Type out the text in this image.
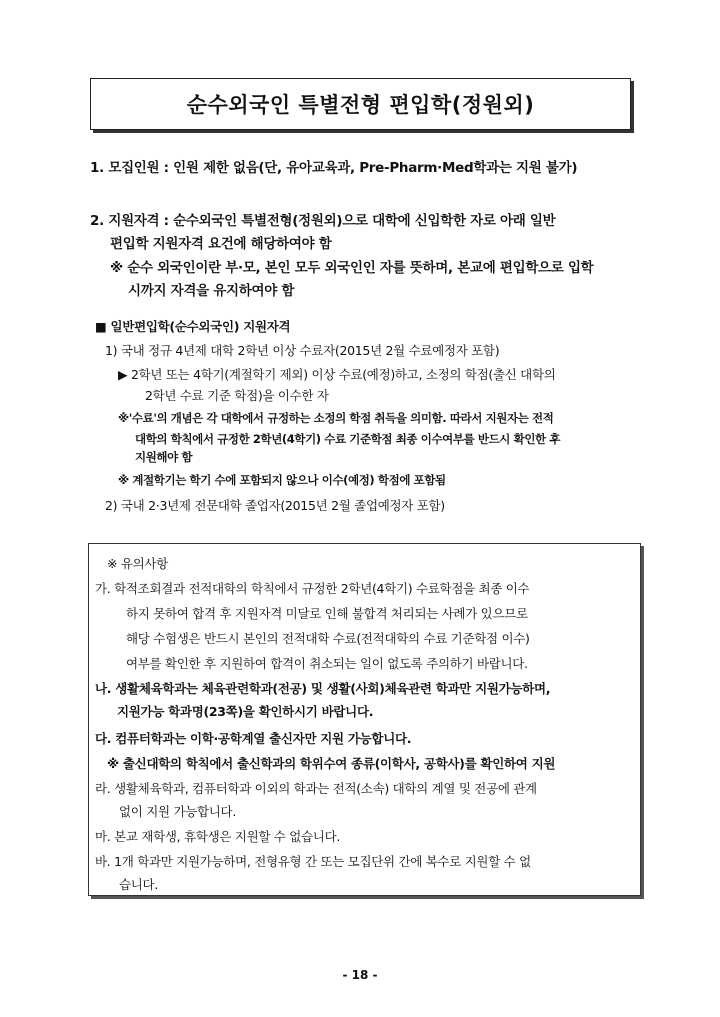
순수외국인 특별전형 편입학(정원외)
1. 모집인원 : 인원 제한 없음(단, 유아교육과, Pre-Pharm·Med학과는 지원 불가)
2. 지원자격 : 순수외국인 특별전형(정원외)으로 대학에 신입학한 자로 아래 일반
편입학 지원자격 요건에 해당하여야 함
※ 순수 외국인이란 부·모, 본인 모두 외국인인 자를 뜻하며, 본교에 편입학으로 입학
시까지 자격을 유지하여야 함
■ 일반편입학(순수외국인) 지원자격
1) 국내 정규 4년제 대학 2학년 이상 수료자(2015년 2월 수료예정자 포함)
▶ 2학년 또는 4학기(계절학기 제외) 이상 수료(예정)하고, 소정의 학점(출신 대학의
2학년 수료 기준 학점)을 이수한 자
※'수료'의 개념은 각 대학에서 규정하는 소정의 학점 취득을 의미함. 따라서 지원자는 전적
대학의 학칙에서 규정한 2학년(4학기) 수료 기준학점 최종 이수여부를 반드시 확인한 후
지원해야 함
※ 계절학기는 학기 수에 포함되지 않으나 이수(예정) 학점에 포함됨
2) 국내 2·3년제 전문대학 졸업자(2015년 2월 졸업예정자 포함)
※ 유의사항
가. 학적조회결과 전적대학의 학칙에서 규정한 2학년(4학기) 수료학점을 최종 이수
하지 못하여 합격 후 지원자격 미달로 인해 불합격 처리되는 사례가 있으므로
해당 수험생은 반드시 본인의 전적대학 수료(전적대학의 수료 기준학점 이수)
여부를 확인한 후 지원하여 합격이 취소되는 일이 없도록 주의하기 바랍니다.
나. 생활체육학과는 체육관련학과(전공) 및 생활(사회)체육관련 학과만 지원가능하며,
지원가능 학과명(23쪽)을 확인하시기 바랍니다.
다. 컴퓨터학과는 이학·공학계열 출신자만 지원 가능합니다.
※ 출신대학의 학칙에서 출신학과의 학위수여 종류(이학사, 공학사)를 확인하여 지원
라. 생활체육학과, 컴퓨터학과 이외의 학과는 전적(소속) 대학의 계열 및 전공에 관계
없이 지원 가능합니다.
마. 본교 재학생, 휴학생은 지원할 수 없습니다.
바. 1개 학과만 지원가능하며, 전형유형 간 또는 모집단위 간에 복수로 지원할 수 없
습니다.
- 18 -
